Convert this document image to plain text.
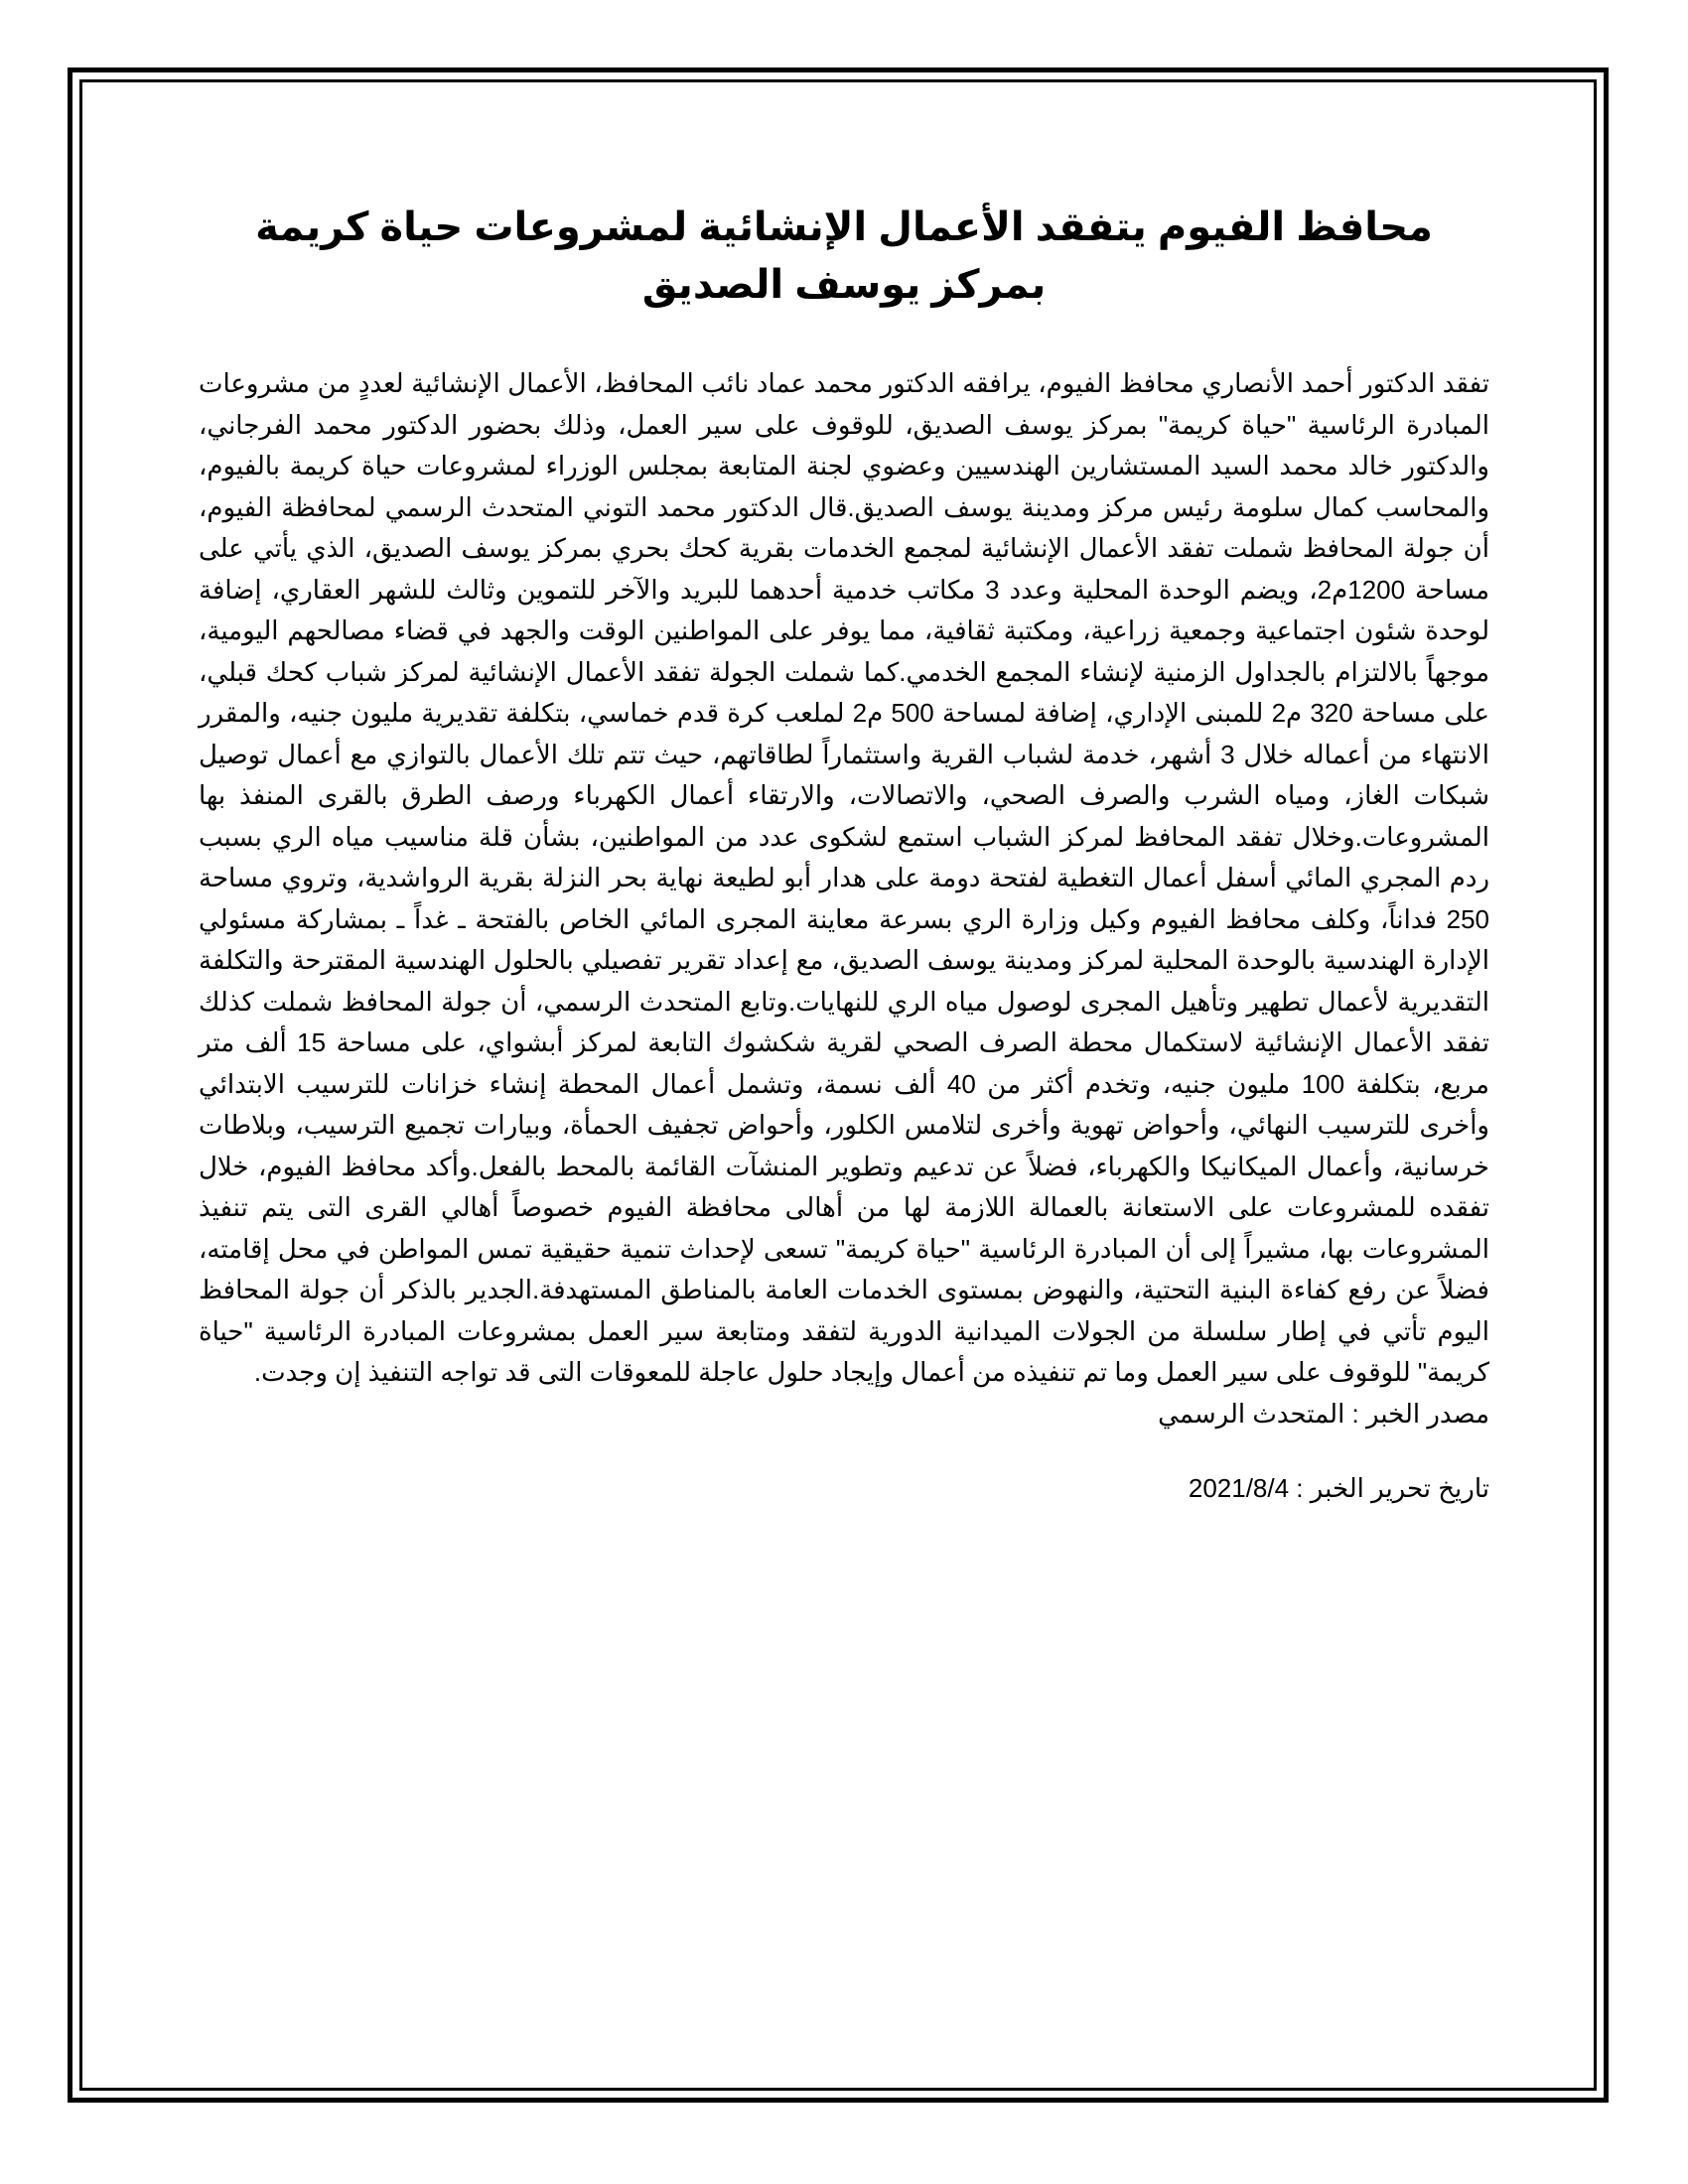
محافظ الفيوم يتفقد الأعمال الإنشائية لمشروعات حياة كريمة بمركز يوسف الصديق

تفقد الدكتور أحمد الأنصاري محافظ الفيوم، يرافقه الدكتور محمد عماد نائب المحافظ، الأعمال الإنشائية لعددٍ من مشروعات المبادرة الرئاسية "حياة كريمة" بمركز يوسف الصديق، للوقوف على سير العمل، وذلك بحضور الدكتور محمد الفرجاني، والدكتور خالد محمد السيد المستشارين الهندسيين وعضوي لجنة المتابعة بمجلس الوزراء لمشروعات حياة كريمة بالفيوم، والمحاسب كمال سلومة رئيس مركز ومدينة يوسف الصديق.قال الدكتور محمد التوني المتحدث الرسمي لمحافظة الفيوم، أن جولة المحافظ شملت تفقد الأعمال الإنشائية لمجمع الخدمات بقرية كحك بحري بمركز يوسف الصديق، الذي يأتي على مساحة 1200م2، ويضم الوحدة المحلية وعدد 3 مكاتب خدمية أحدهما للبريد والآخر للتموين وثالث للشهر العقاري، إضافة لوحدة شئون اجتماعية وجمعية زراعية، ومكتبة ثقافية، مما يوفر على المواطنين الوقت والجهد في قضاء مصالحهم اليومية، موجهاً بالالتزام بالجداول الزمنية لإنشاء المجمع الخدمي.كما شملت الجولة تفقد الأعمال الإنشائية لمركز شباب كحك قبلي، على مساحة 320 م2 للمبنى الإداري، إضافة لمساحة 500 م2 لملعب كرة قدم خماسي، بتكلفة تقديرية مليون جنيه، والمقرر الانتهاء من أعماله خلال 3 أشهر، خدمة لشباب القرية واستثماراً لطاقاتهم، حيث تتم تلك الأعمال بالتوازي مع أعمال توصيل شبكات الغاز، ومياه الشرب والصرف الصحي، والاتصالات، والارتقاء أعمال الكهرباء ورصف الطرق بالقرى المنفذ بها المشروعات.وخلال تفقد المحافظ لمركز الشباب استمع لشكوى عدد من المواطنين، بشأن قلة مناسيب مياه الري بسبب ردم المجري المائي أسفل أعمال التغطية لفتحة دومة على هدار أبو لطيعة نهاية بحر النزلة بقرية الرواشدية، وتروي مساحة 250 فداناً، وكلف محافظ الفيوم وكيل وزارة الري بسرعة معاينة المجرى المائي الخاص بالفتحة ـ غداً ـ بمشاركة مسئولي الإدارة الهندسية بالوحدة المحلية لمركز ومدينة يوسف الصديق، مع إعداد تقرير تفصيلي بالحلول الهندسية المقترحة والتكلفة التقديرية لأعمال تطهير وتأهيل المجرى لوصول مياه الري للنهايات.وتابع المتحدث الرسمي، أن جولة المحافظ شملت كذلك تفقد الأعمال الإنشائية لاستكمال محطة الصرف الصحي لقرية شكشوك التابعة لمركز أبشواي، على مساحة 15 ألف متر مربع، بتكلفة 100 مليون جنيه، وتخدم أكثر من 40 ألف نسمة، وتشمل أعمال المحطة إنشاء خزانات للترسيب الابتدائي وأخرى للترسيب النهائي، وأحواض تهوية وأخرى لتلامس الكلور، وأحواض تجفيف الحمأة، وبيارات تجميع الترسيب، وبلاطات خرسانية، وأعمال الميكانيكا والكهرباء، فضلاً عن تدعيم وتطوير المنشآت القائمة بالمحط بالفعل.وأكد محافظ الفيوم، خلال تفقده للمشروعات على الاستعانة بالعمالة اللازمة لها من أهالى محافظة الفيوم خصوصاً أهالي القرى التى يتم تنفيذ المشروعات بها، مشيراً إلى أن المبادرة الرئاسية "حياة كريمة" تسعى لإحداث تنمية حقيقية تمس المواطن في محل إقامته، فضلاً عن رفع كفاءة البنية التحتية، والنهوض بمستوى الخدمات العامة بالمناطق المستهدفة.الجدير بالذكر أن جولة المحافظ اليوم تأتي في إطار سلسلة من الجولات الميدانية الدورية لتفقد ومتابعة سير العمل بمشروعات المبادرة الرئاسية "حياة كريمة" للوقوف على سير العمل وما تم تنفيذه من أعمال وإيجاد حلول عاجلة للمعوقات التى قد تواجه التنفيذ إن وجدت.

مصدر الخبر : المتحدث الرسمي

تاريخ تحرير الخبر : 2021/8/4
